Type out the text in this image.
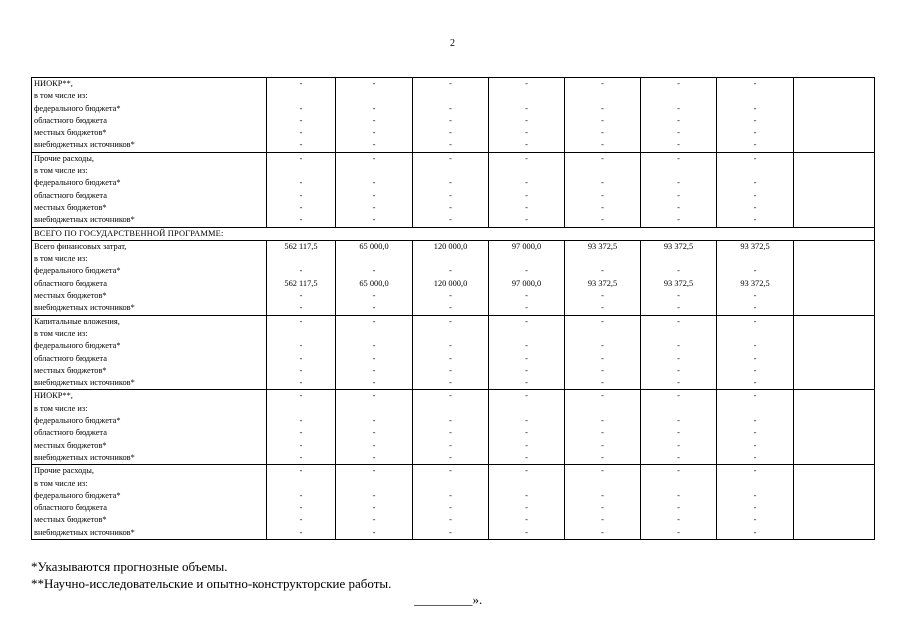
2
НИОКР**,	-	-	-	-	-	-	-	
в том числе из:								
федерального бюджета*	-	-	-	-	-	-	-	
областного бюджета	-	-	-	-	-	-	-	
местных бюджетов*	-	-	-	-	-	-	-	
внебюджетных источников*	-	-	-	-	-	-	-	
Прочие расходы,	-	-	-	-	-	-	-	
в том числе из:								
федерального бюджета*	-	-	-	-	-	-	-	
областного бюджета	-	-	-	-	-	-	-	
местных бюджетов*	-	-	-	-	-	-	-	
внебюджетных источников*	-	-	-	-	-	-	-	
ВСЕГО ПО ГОСУДАРСТВЕННОЙ ПРОГРАММЕ:								
Всего финансовых затрат,	562 117,5	65 000,0	120 000,0	97 000,0	93 372,5	93 372,5	93 372,5	
в том числе из:								
федерального бюджета*	-	-	-	-	-	-	-	
областного бюджета	562 117,5	65 000,0	120 000,0	97 000,0	93 372,5	93 372,5	93 372,5	
местных бюджетов*	-	-	-	-	-	-	-	
внебюджетных источников*	-	-	-	-	-	-	-	
Капитальные вложения,	-	-	-	-	-	-	-	
в том числе из:								
федерального бюджета*	-	-	-	-	-	-	-	
областного бюджета	-	-	-	-	-	-	-	
местных бюджетов*	-	-	-	-	-	-	-	
внебюджетных источников*	-	-	-	-	-	-	-	
НИОКР**,	-	-	-	-	-	-	-	
в том числе из:								
федерального бюджета*	-	-	-	-	-	-	-	
областного бюджета	-	-	-	-	-	-	-	
местных бюджетов*	-	-	-	-	-	-	-	
внебюджетных источников*	-	-	-	-	-	-	-	
Прочие расходы,	-	-	-	-	-	-	-	
в том числе из:								
федерального бюджета*	-	-	-	-	-	-	-	
областного бюджета	-	-	-	-	-	-	-	
местных бюджетов*	-	-	-	-	-	-	-	
внебюджетных источников*	-	-	-	-	-	-	-	
*Указываются прогнозные объемы.
**Научно-исследовательские и опытно-конструкторские работы.
_________».
